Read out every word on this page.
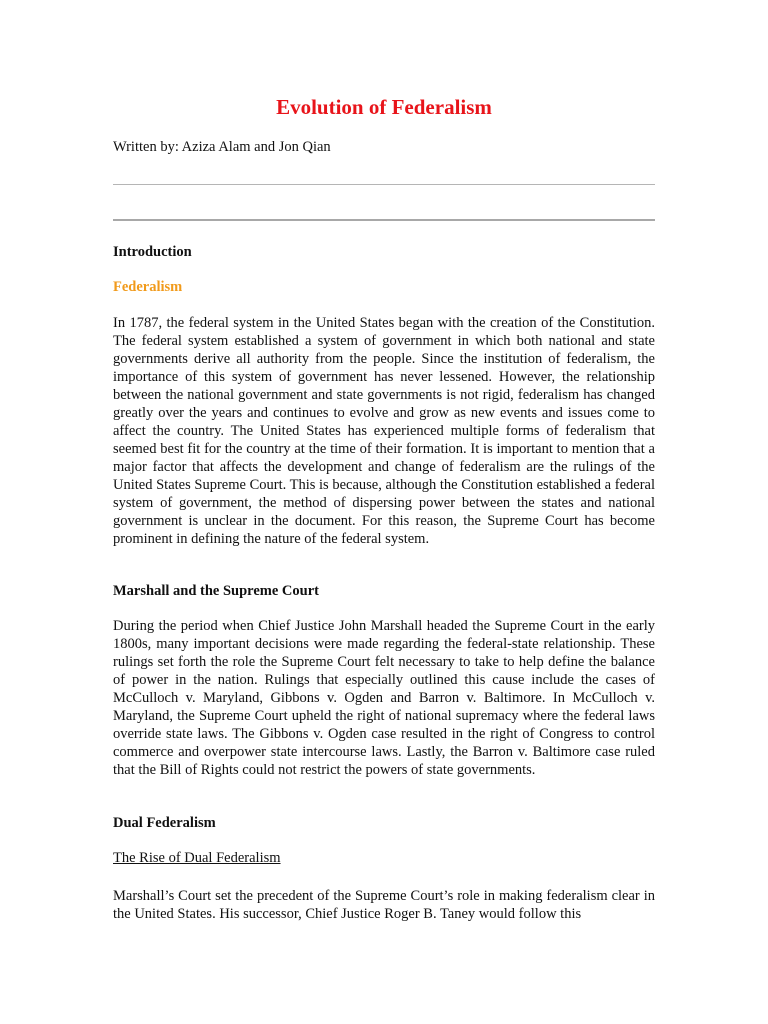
Evolution of Federalism

Written by: Aziza Alam and Jon Qian

Introduction

Federalism

In 1787, the federal system in the United States began with the creation of the Constitution. The federal system established a system of government in which both national and state governments derive all authority from the people. Since the institution of federalism, the importance of this system of government has never lessened. However, the relationship between the national government and state governments is not rigid, federalism has changed greatly over the years and continues to evolve and grow as new events and issues come to affect the country. The United States has experienced multiple forms of federalism that seemed best fit for the country at the time of their formation. It is important to mention that a major factor that affects the development and change of federalism are the rulings of the United States Supreme Court. This is because, although the Constitution established a federal system of government, the method of dispersing power between the states and national government is unclear in the document. For this reason, the Supreme Court has become prominent in defining the nature of the federal system.

Marshall and the Supreme Court

During the period when Chief Justice John Marshall headed the Supreme Court in the early 1800s, many important decisions were made regarding the federal-state relationship. These rulings set forth the role the Supreme Court felt necessary to take to help define the balance of power in the nation. Rulings that especially outlined this cause include the cases of McCulloch v. Maryland, Gibbons v. Ogden and Barron v. Baltimore. In McCulloch v. Maryland, the Supreme Court upheld the right of national supremacy where the federal laws override state laws. The Gibbons v. Ogden case resulted in the right of Congress to control commerce and overpower state intercourse laws. Lastly, the Barron v. Baltimore case ruled that the Bill of Rights could not restrict the powers of state governments.

Dual Federalism

The Rise of Dual Federalism

Marshall’s Court set the precedent of the Supreme Court’s role in making federalism clear in the United States. His successor, Chief Justice Roger B. Taney would follow this
